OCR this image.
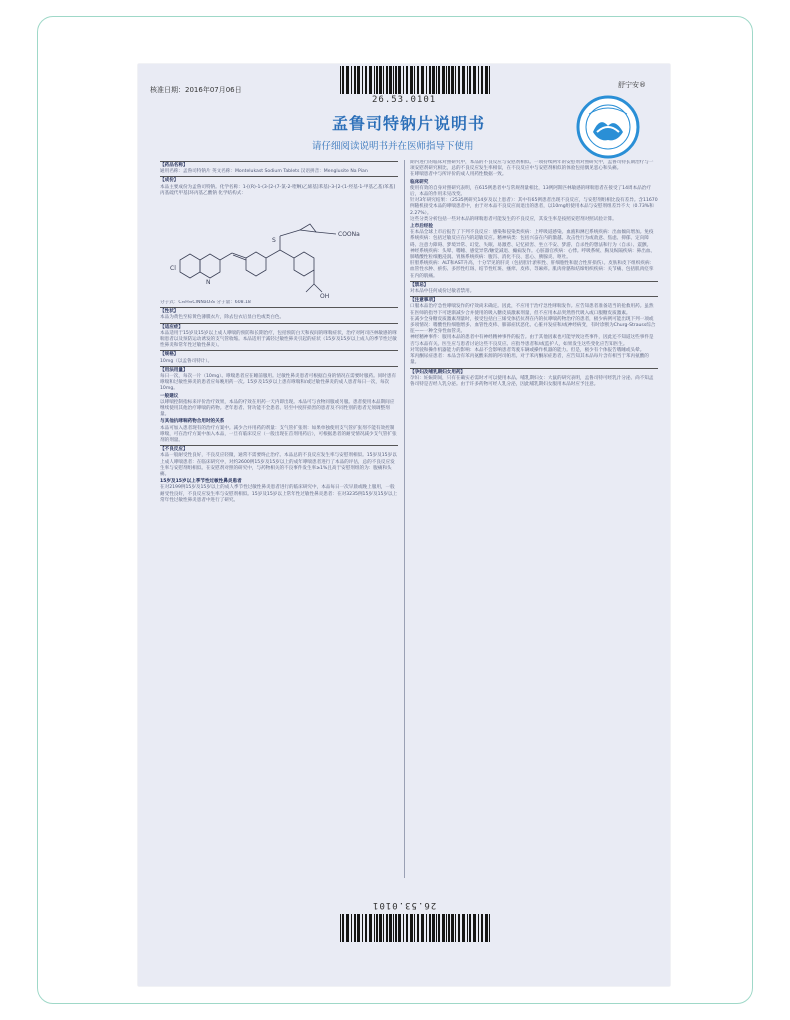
26.53.0101
核准日期：2016年07月06日
舒宁安®
孟鲁司特钠片说明书
请仔细阅读说明书并在医师指导下使用

【药品名称】

通用名称：孟鲁司特钠片 英文名称：Montelukast Sodium Tablets 汉语拼音：Menglusite Na Pian

【成份】

本品主要成份为孟鲁司特钠。化学名称：1-[(R)-1-(3-[2-(7-氯-2-喹啉)乙烯基]苯基)-3-[2-(1-羟基-1-甲基乙基)苯基]丙基硫代甲基]环丙基乙酸钠 化学结构式：

Cl
N
COONa
S
OH

分子式：C₃₅H₃₅ClNNaO₃S 分子量：608.18

【性状】

本品为黄色至棕黄色薄膜衣片，除去包衣后显白色或类白色。

【适应症】

本品适用于15岁及15岁以上成人哮喘的预防和长期治疗，包括预防白天和夜间的哮喘症状，治疗对阿司匹林敏感的哮喘患者以及预防运动诱发的支气管收缩。本品适用于减轻过敏性鼻炎引起的症状（15岁及15岁以上成人的季节性过敏性鼻炎和常年性过敏性鼻炎）。

【规格】

10mg（以孟鲁司特计）。

【用法用量】

每日一次，每次一片（10mg）。哮喘患者应在睡前服用。过敏性鼻炎患者可根据自身的情况在需要时服药。同时患有哮喘和过敏性鼻炎的患者应每晚用药一次。15岁及15岁以上患有哮喘和/或过敏性鼻炎的成人患者每日一次，每次10mg。

一般建议

以哮喘控制指标来评价治疗效果，本品的疗效在用药一天内即出现。本品可与食物同服或另服。患者使用本品期间应继续使用其他治疗哮喘的药物。老年患者、肾功能不全患者、轻至中度肝损害的患者及不同性别的患者无须调整剂量。

与其他抗哮喘药物合用时的关系

本品可加入患者现有的治疗方案中。减少合并用药的剂量：支气管扩张剂：如果单独使用支气管扩张剂不能有效控制哮喘，可在治疗方案中加入本品，一旦有临床反应（一般出现在首剂用药后），可根据患者的耐受情况减少支气管扩张剂的剂量。

【不良反应】

本品一般耐受性良好，不良反应轻微，通常不需要终止治疗。本品总的不良反应发生率与安慰剂相似。15岁及15岁以上成人哮喘患者：在临床研究中，对约2600例15岁及15岁以上的成年哮喘患者进行了本品的评估，总的不良反应发生率与安慰剂组相似。在安慰剂对照的研究中，与药物相关的不良事件发生率≥1%且高于安慰剂组的为：腹痛和头痛。

15岁及15岁以上季节性过敏性鼻炎患者

在对2199例15岁及15岁以上的成人季节性过敏性鼻炎患者进行的临床研究中，本品每日一次早晨或晚上服用，一般耐受性良好，不良反应发生率与安慰剂相似。15岁及15岁以上常年性过敏性鼻炎患者：在对3235例15岁及15岁以上常年性过敏性鼻炎患者中进行了研究。

期内进行的临床对照研究中，本品的不良反应与安慰剂相似。一项持续两年的安慰剂对照研究中，孟鲁司特长期治疗与一项安慰剂研究相比，总的不良反应发生率相似，在不良反应中与安慰剂相似的体验包括偶见恶心和头痛。

在哮喘患者中与所评价的成人用药性数据一致。

临床研究

使用有效的自身对照研究表明，在615例患者中与常规剂量相比，13例阿斯匹林敏感的哮喘患者在接受了14周本品治疗后，本品的作用未见改变。

针对3年研究结果：（2535例研究14岁及以上患者）：其中有65例患者出现不良反应，与安慰剂组相比没有差异。含11670例随机接受本品的哮喘患者中，由于对本品不良反应而退出的患者，以10mg组使用本品与安慰剂组差异不大（0.73%和2.27%）。

这些分类分析包括一些对本品的哮喘患者可能发生的不良反应，其发生率是按照安慰剂对照试验计算。

上市后经验

在本品全球上市后报告了下列不良反应：感染和侵染类疾病：上呼吸道感染。血液和淋巴系统疾病：出血倾向增加。免疫系统疾病：包括过敏反应在内的超敏反应。精神病类：包括兴奋在内的激越、攻击性行为或敌意、焦虑、抑郁、定向障碍、注意力障碍、梦境异常、幻觉、失眠、易激惹、记忆损害、坐立不安、梦游、自杀性的想法和行为（自杀）、震颤。

神经系统疾病：头晕、嗜睡、感觉异常/触觉减退、癫痫发作。心脏器官疾病：心悸。呼吸系统、胸及纵隔疾病：鼻出血、肺嗜酸性粒细胞浸润。胃肠系统疾病：腹泻、消化不良、恶心、胰腺炎、呕吐。

肝胆系统疾病：ALT和AST升高，十分罕见的肝炎（包括胆汁淤积性、肝细胞性和混合性肝损伤）。皮肤和皮下组织疾病：血管性水肿、瘀伤、多形性红斑、结节性红斑、瘙痒、皮疹、荨麻疹。肌肉骨骼和结缔组织疾病：关节痛、包括肌肉痉挛在内的肌痛。

【禁忌】

对本品中任何成份过敏者禁用。

【注意事项】

口服本品治疗急性哮喘发作的疗效尚未确定。因此，不应用于治疗急性哮喘发作。应告知患者准备适当的抢救用药。虽然在医师的指导下可逐渐减少合并使用的吸入糖皮质激素剂量，但不应用本品突然替代吸入或口服糖皮质激素。

在减少全身糖皮质激素剂量时，接受包括白三烯受体拮抗剂在内的抗哮喘药物治疗的患者，极少病例可能出现下列一项或多项情况：嗜酸性粒细胞增多、血管性皮疹、肺部症状恶化、心脏并发症和/或神经病变，有时诊断为Churg-Strauss综合征——一种全身性血管炎。

神经精神事件：服用本品的患者中有神经精神事件的报告。由于其他因素也可能导致这些事件，因此还不知道这些事件是否与本品有关。医生应与患者讨论这些不良反应。应指导患者和/或监护人，如果发生这些变化应告知医生。

对驾驶和操作机器能力的影响：本品不会影响患者驾驶车辆或操作机器的能力。但是，极少有个体报告嗜睡或头晕。

苯丙酮尿症患者：本品含有苯丙氨酸来源的阿司帕坦。对于苯丙酮尿症患者，应告知其本品每片含有相当于苯丙氨酸的量。

【孕妇及哺乳期妇女用药】

孕妇：妊娠期间，只有在确实必需时才可以使用本品。哺乳期妇女：大鼠的研究表明，孟鲁司特可经乳汁分泌。尚不知孟鲁司特是否经人乳分泌。由于许多药物可经人乳分泌，因此哺乳期妇女服用本品时应予注意。

26.53.0101
